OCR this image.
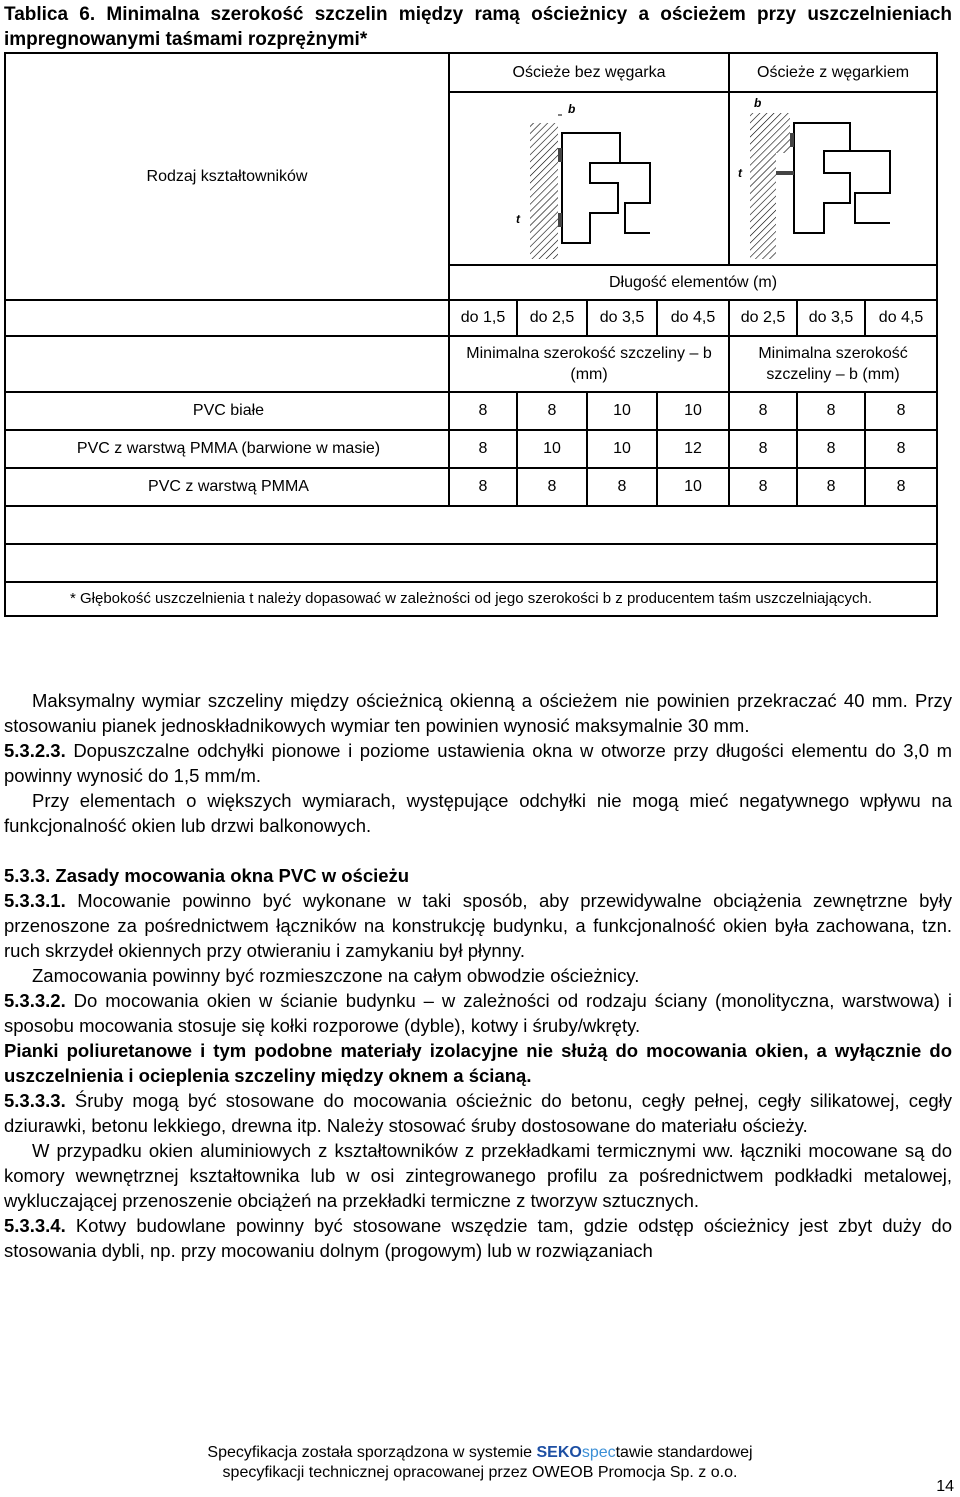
Tablica 6. Minimalna szerokość szczelin między ramą ościeżnicy a ościeżem przy uszczelnieniach impregnowanymi taśmami rozprężnymi*
Rodzaj kształtowników	Ościeże bez węgarka				Ościeże z węgarkiem		

b
t				b
t		

	Długość elementów (m)						
	do 1,5	do 2,5	do 3,5	do 4,5	do 2,5	do 3,5	do 4,5
	Minimalna szerokość szczeliny – b (mm)				Minimalna szerokość szczeliny – b (mm)		
PVC białe	8	8	10	10	8	8	8
PVC z warstwą PMMA (barwione w masie)	8	10	10	12	8	8	8
PVC z warstwą PMMA	8	8	8	10	8	8	8

* Głębokość uszczelnienia t należy dopasować w zależności od jego szerokości b z producentem taśm uszczelniających.							

Maksymalny wymiar szczeliny między ościeżnicą okienną a ościeżem nie powinien przekraczać 40 mm. Przy stosowaniu pianek jednoskładnikowych wymiar ten powinien wynosić maksymalnie 30 mm.

5.3.2.3. Dopuszczalne odchyłki pionowe i poziome ustawienia okna w otworze przy długości elementu do 3,0 m powinny wynosić do 1,5 mm/m.

Przy elementach o większych wymiarach, występujące odchyłki nie mogą mieć negatywnego wpływu na funkcjonalność okien lub drzwi balkonowych.

5.3.3. Zasady mocowania okna PVC w ościeżu

5.3.3.1. Mocowanie powinno być wykonane w taki sposób, aby przewidywalne obciążenia zewnętrzne były przenoszone za pośrednictwem łączników na konstrukcję budynku, a funkcjonalność okien była zachowana, tzn. ruch skrzydeł okiennych przy otwieraniu i zamykaniu był płynny.

Zamocowania powinny być rozmieszczone na całym obwodzie ościeżnicy.

5.3.3.2. Do mocowania okien w ścianie budynku – w zależności od rodzaju ściany (monolityczna, warstwowa) i sposobu mocowania stosuje się kołki rozporowe (dyble), kotwy i śruby/wkręty.

Pianki poliuretanowe i tym podobne materiały izolacyjne nie służą do mocowania okien, a wyłącznie do uszczelnienia i ocieplenia szczeliny między oknem a ścianą.

5.3.3.3. Śruby mogą być stosowane do mocowania ościeżnic do betonu, cegły pełnej, cegły silikatowej, cegły dziurawki, betonu lekkiego, drewna itp. Należy stosować śruby dostosowane do materiału ościeży.

W przypadku okien aluminiowych z kształtowników z przekładkami termicznymi ww. łączniki mocowane są do komory wewnętrznej kształtownika lub w osi zintegrowanego profilu za pośrednictwem podkładki metalowej, wykluczającej przenoszenie obciążeń na przekładki termiczne z tworzyw sztucznych.

5.3.3.4. Kotwy budowlane powinny być stosowane wszędzie tam, gdzie odstęp ościeżnicy jest zbyt duży do stosowania dybli, np. przy mocowaniu dolnym (progowym) lub w rozwiązaniach

Specyfikacja została sporządzona w systemie SEKOspectawie standardowej
specyfikacji technicznej opracowanej przez OWEOB Promocja Sp. z o.o.
14
